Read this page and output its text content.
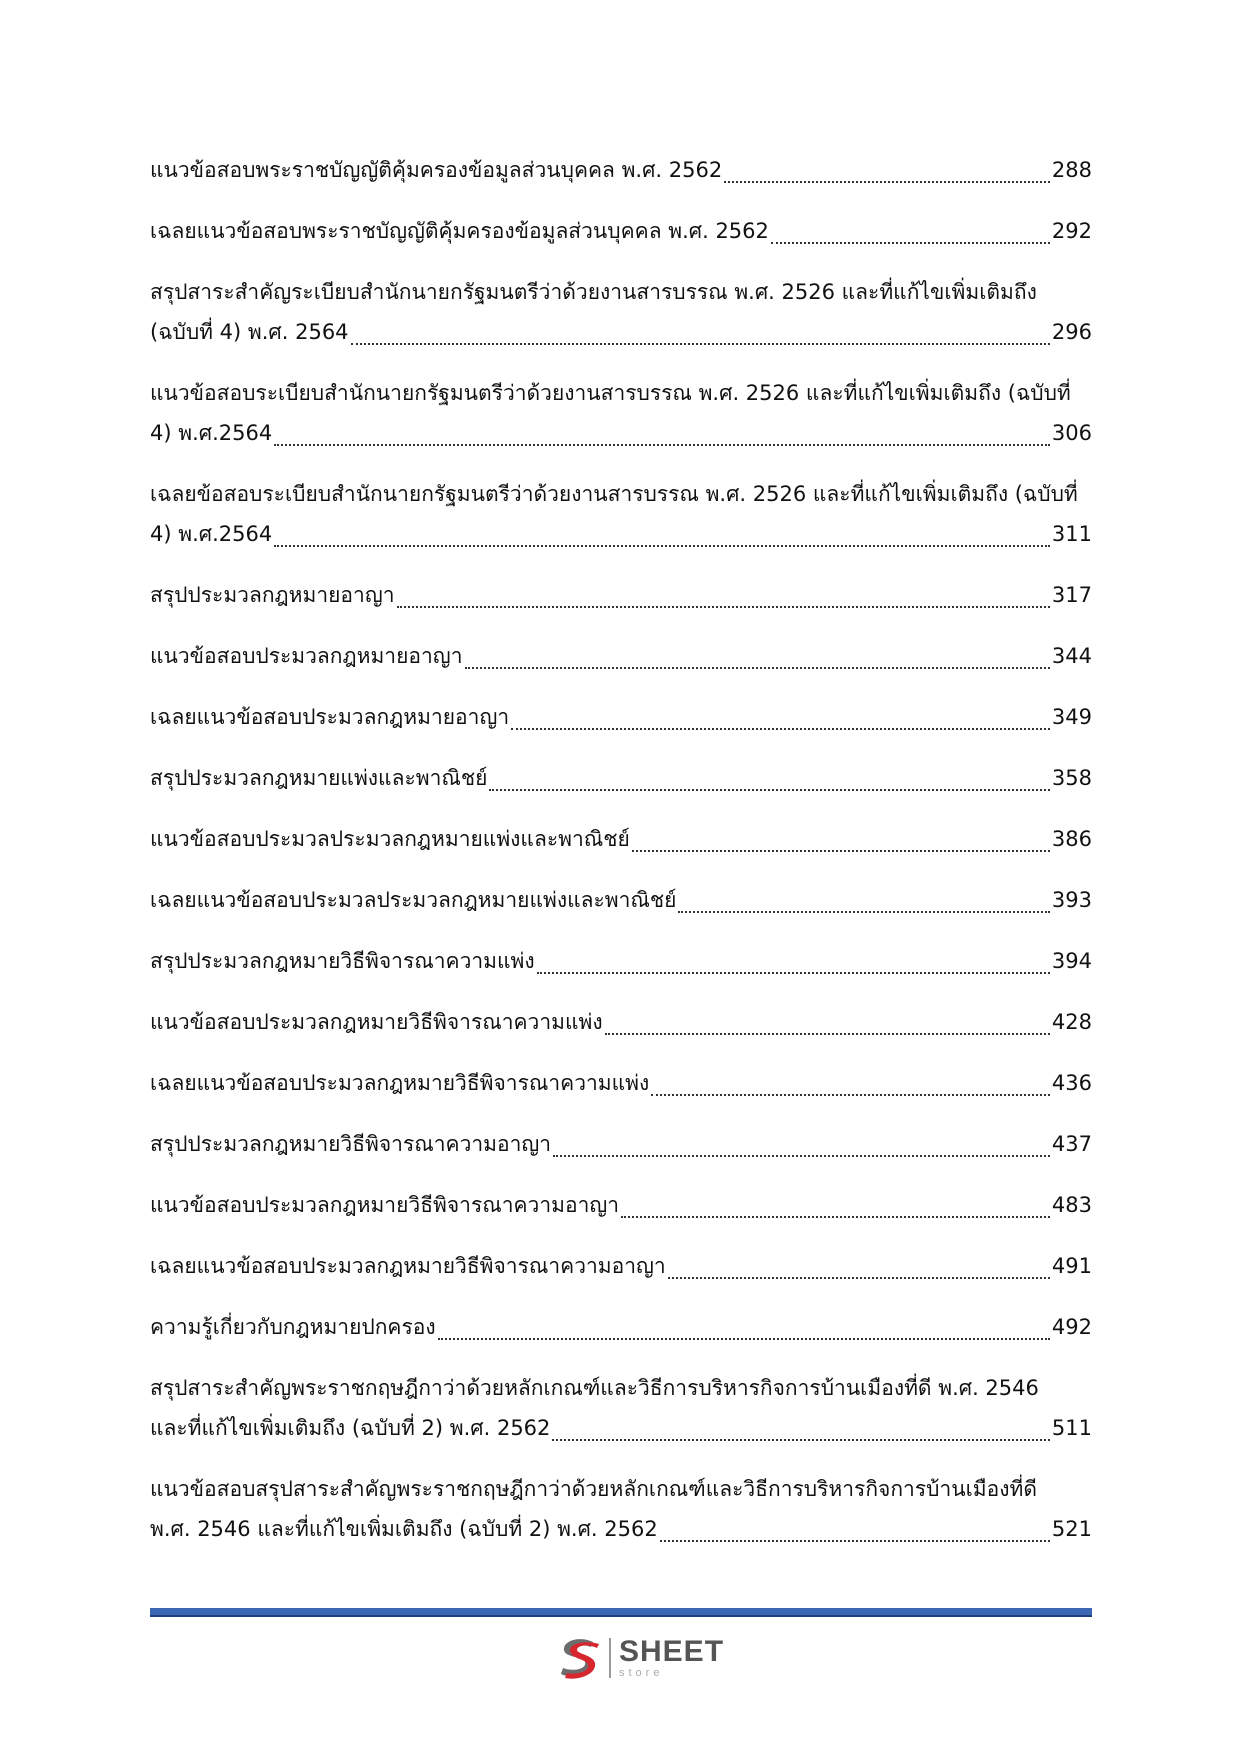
แนวข้อสอบพระราชบัญญัติคุ้มครองข้อมูลส่วนบุคคล พ.ศ. 2562	288
เฉลยแนวข้อสอบพระราชบัญญัติคุ้มครองข้อมูลส่วนบุคคล พ.ศ. 2562	292
สรุปสาระสำคัญระเบียบสำนักนายกรัฐมนตรีว่าด้วยงานสารบรรณ พ.ศ. 2526 และที่แก้ไขเพิ่มเติมถึง
(ฉบับที่ 4) พ.ศ. 2564	296
แนวข้อสอบระเบียบสำนักนายกรัฐมนตรีว่าด้วยงานสารบรรณ พ.ศ. 2526 และที่แก้ไขเพิ่มเติมถึง (ฉบับที่
4) พ.ศ.2564	306
เฉลยข้อสอบระเบียบสำนักนายกรัฐมนตรีว่าด้วยงานสารบรรณ พ.ศ. 2526 และที่แก้ไขเพิ่มเติมถึง (ฉบับที่
4) พ.ศ.2564	311
สรุปประมวลกฎหมายอาญา	317
แนวข้อสอบประมวลกฎหมายอาญา	344
เฉลยแนวข้อสอบประมวลกฎหมายอาญา	349
สรุปประมวลกฎหมายแพ่งและพาณิชย์	358
แนวข้อสอบประมวลประมวลกฎหมายแพ่งและพาณิชย์	386
เฉลยแนวข้อสอบประมวลประมวลกฎหมายแพ่งและพาณิชย์	393
สรุปประมวลกฎหมายวิธีพิจารณาความแพ่ง	394
แนวข้อสอบประมวลกฎหมายวิธีพิจารณาความแพ่ง	428
เฉลยแนวข้อสอบประมวลกฎหมายวิธีพิจารณาความแพ่ง	436
สรุปประมวลกฎหมายวิธีพิจารณาความอาญา	437
แนวข้อสอบประมวลกฎหมายวิธีพิจารณาความอาญา	483
เฉลยแนวข้อสอบประมวลกฎหมายวิธีพิจารณาความอาญา	491
ความรู้เกี่ยวกับกฎหมายปกครอง	492
สรุปสาระสำคัญพระราชกฤษฎีกาว่าด้วยหลักเกณฑ์และวิธีการบริหารกิจการบ้านเมืองที่ดี พ.ศ. 2546
และที่แก้ไขเพิ่มเติมถึง (ฉบับที่ 2) พ.ศ. 2562	511
แนวข้อสอบสรุปสาระสำคัญพระราชกฤษฎีกาว่าด้วยหลักเกณฑ์และวิธีการบริหารกิจการบ้านเมืองที่ดี
พ.ศ. 2546 และที่แก้ไขเพิ่มเติมถึง (ฉบับที่ 2) พ.ศ. 2562	521
SHEET
store
